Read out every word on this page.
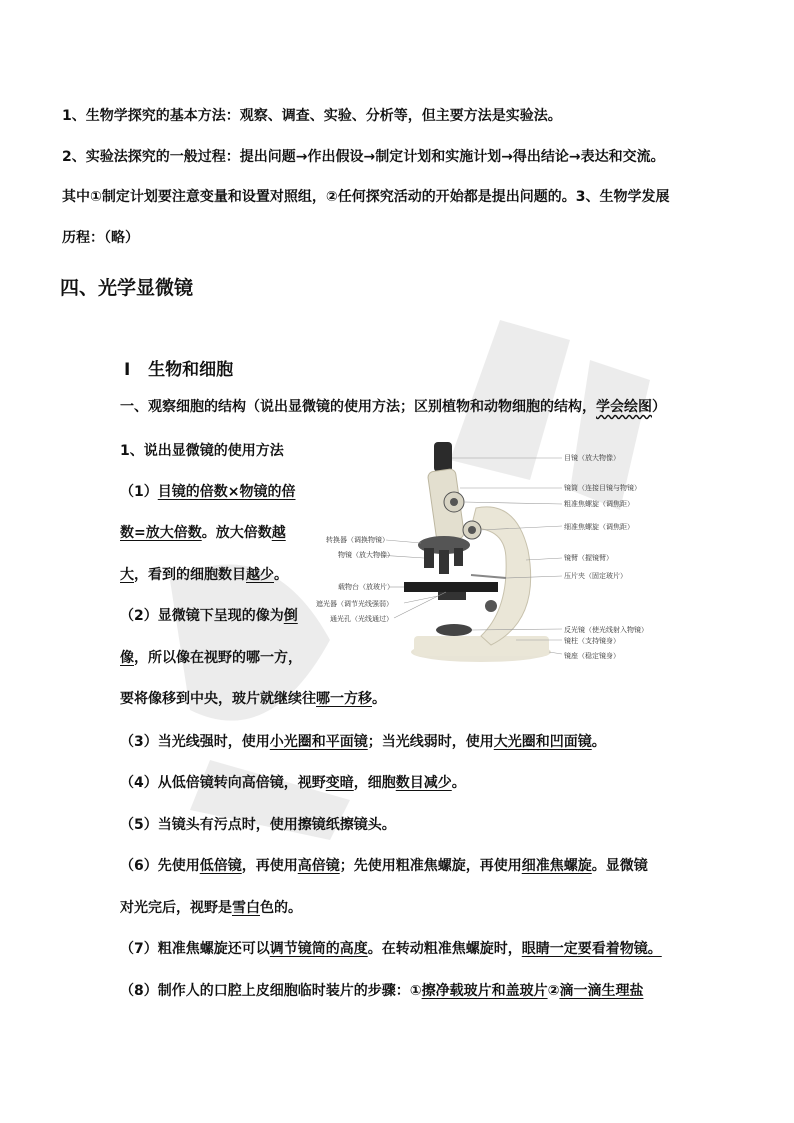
1、生物学探究的基本方法：观察、调查、实验、分析等，但主要方法是实验法。
2、实验法探究的一般过程：提出问题→作出假设→制定计划和实施计划→得出结论→表达和交流。
其中①制定计划要注意变量和设置对照组，②任何探究活动的开始都是提出问题的。3、生物学发展
历程：（略）
四、光学显微镜
I 生物和细胞
一、观察细胞的结构（说出显微镜的使用方法；区别植物和动物细胞的结构，学会绘图）
1、说出显微镜的使用方法
（1）目镜的倍数×物镜的倍
数=放大倍数。放大倍数越
大，看到的细胞数目越少。
（2）显微镜下呈现的像为倒
像，所以像在视野的哪一方，
要将像移到中央，玻片就继续往哪一方移。
（3）当光线强时，使用小光圈和平面镜；当光线弱时，使用大光圈和凹面镜。
（4）从低倍镜转向高倍镜，视野变暗，细胞数目减少。
（5）当镜头有污点时，使用擦镜纸擦镜头。
（6）先使用低倍镜，再使用高倍镜；先使用粗准焦螺旋，再使用细准焦螺旋。显微镜
对光完后，视野是雪白色的。
（7）粗准焦螺旋还可以调节镜筒的高度。在转动粗准焦螺旋时，眼睛一定要看着物镜。
（8）制作人的口腔上皮细胞临时装片的步骤：①擦净载玻片和盖玻片②滴一滴生理盐
目镜（放大物像）
镜筒（连接目镜与物镜）
粗准焦螺旋（调焦距）
细准焦螺旋（调焦距）
镜臂（握镜臂）
压片夹（固定玻片）
转换器（调换物镜）
物镜（放大物像）
载物台（放玻片）
遮光器（调节光线强弱）
通光孔（光线通过）
反光镜（使光线射入物镜）
镜柱（支持镜身）
镜座（稳定镜身）
